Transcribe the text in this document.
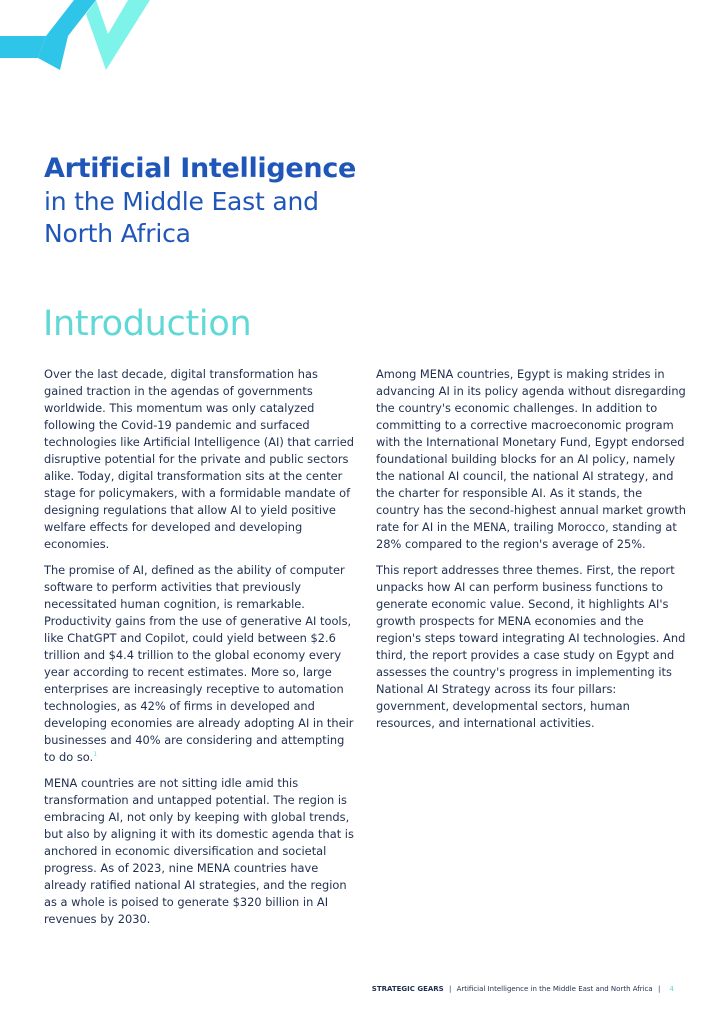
Artificial Intelligence

in the Middle East and

North Africa

Introduction

Over the last decade, digital transformation has gained traction in the agendas of governments worldwide. This momentum was only catalyzed following the Covid-19 pandemic and surfaced technologies like Artificial Intelligence (AI) that carried disruptive potential for the private and public sectors alike. Today, digital transformation sits at the center stage for policymakers, with a formidable mandate of designing regulations that allow AI to yield positive welfare effects for developed and developing economies.

The promise of AI, defined as the ability of computer software to perform activities that previously necessitated human cognition, is remarkable. Productivity gains from the use of generative AI tools, like ChatGPT and Copilot, could yield between $2.6 trillion and $4.4 trillion to the global economy every year according to recent estimates. More so, large enterprises are increasingly receptive to automation technologies, as 42% of firms in developed and developing economies are already adopting AI in their businesses and 40% are considering and attempting to do so.$^1$

MENA countries are not sitting idle amid this transformation and untapped potential. The region is embracing AI, not only by keeping with global trends, but also by aligning it with its domestic agenda that is anchored in economic diversification and societal progress. As of 2023, nine MENA countries have already ratified national AI strategies, and the region as a whole is poised to generate $320 billion in AI revenues by 2030.

Among MENA countries, Egypt is making strides in advancing AI in its policy agenda without disregarding the country's economic challenges. In addition to committing to a corrective macroeconomic program with the International Monetary Fund, Egypt endorsed foundational building blocks for an AI policy, namely the national AI council, the national AI strategy, and the charter for responsible AI. As it stands, the country has the second-highest annual market growth rate for AI in the MENA, trailing Morocco, standing at 28% compared to the region's average of 25%.

This report addresses three themes. First, the report unpacks how AI can perform business functions to generate economic value. Second, it highlights AI's growth prospects for MENA economies and the region's steps toward integrating AI technologies. And third, the report provides a case study on Egypt and assesses the country's progress in implementing its National AI Strategy across its four pillars: government, developmental sectors, human resources, and international activities.

STRATEGIC GEARS | Artificial Intelligence in the Middle East and North Africa | 4
